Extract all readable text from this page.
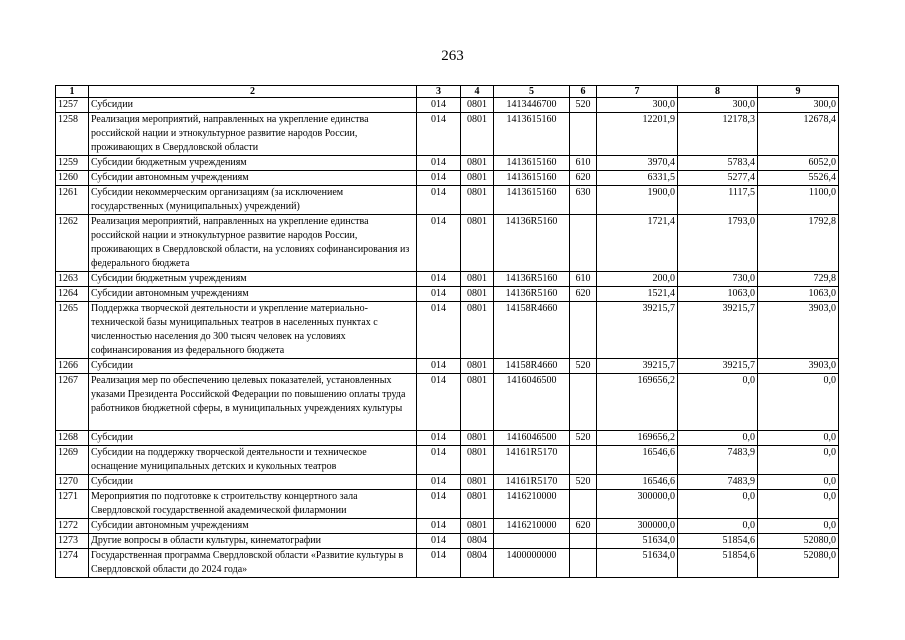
263
1	2	3	4	5	6	7	8	9
1257	Субсидии	014	0801	1413446700	520	300,0	300,0	300,0
1258	Реализация мероприятий, направленных на укрепление единства российской нации и этнокультурное развитие народов России, проживающих в Свердловской области	014	0801	1413615160		12201,9	12178,3	12678,4
1259	Субсидии бюджетным учреждениям	014	0801	1413615160	610	3970,4	5783,4	6052,0
1260	Субсидии автономным учреждениям	014	0801	1413615160	620	6331,5	5277,4	5526,4
1261	Субсидии некоммерческим организациям (за исключением государственных (муниципальных) учреждений)	014	0801	1413615160	630	1900,0	1117,5	1100,0
1262	Реализация мероприятий, направленных на укрепление единства российской нации и этнокультурное развитие народов России, проживающих в Свердловской области, на условиях софинансирования из федерального бюджета	014	0801	14136R5160		1721,4	1793,0	1792,8
1263	Субсидии бюджетным учреждениям	014	0801	14136R5160	610	200,0	730,0	729,8
1264	Субсидии автономным учреждениям	014	0801	14136R5160	620	1521,4	1063,0	1063,0
1265	Поддержка творческой деятельности и укрепление материально-технической базы муниципальных театров в населенных пунктах с численностью населения до 300 тысяч человек на условиях софинансирования из федерального бюджета	014	0801	14158R4660		39215,7	39215,7	3903,0
1266	Субсидии	014	0801	14158R4660	520	39215,7	39215,7	3903,0
1267	Реализация мер по обеспечению целевых показателей, установленных указами Президента Российской Федерации по повышению оплаты труда работников бюджетной сферы, в муниципальных учреждениях культуры	014	0801	1416046500		169656,2	0,0	0,0
1268	Субсидии	014	0801	1416046500	520	169656,2	0,0	0,0
1269	Субсидии на поддержку творческой деятельности и техническое оснащение муниципальных детских и кукольных театров	014	0801	14161R5170		16546,6	7483,9	0,0
1270	Субсидии	014	0801	14161R5170	520	16546,6	7483,9	0,0
1271	Мероприятия по подготовке к строительству концертного зала Свердловской государственной академической филармонии	014	0801	1416210000		300000,0	0,0	0,0
1272	Субсидии автономным учреждениям	014	0801	1416210000	620	300000,0	0,0	0,0
1273	Другие вопросы в области культуры, кинематографии	014	0804			51634,0	51854,6	52080,0
1274	Государственная программа Свердловской области «Развитие культуры в Свердловской области до 2024 года»	014	0804	1400000000		51634,0	51854,6	52080,0
